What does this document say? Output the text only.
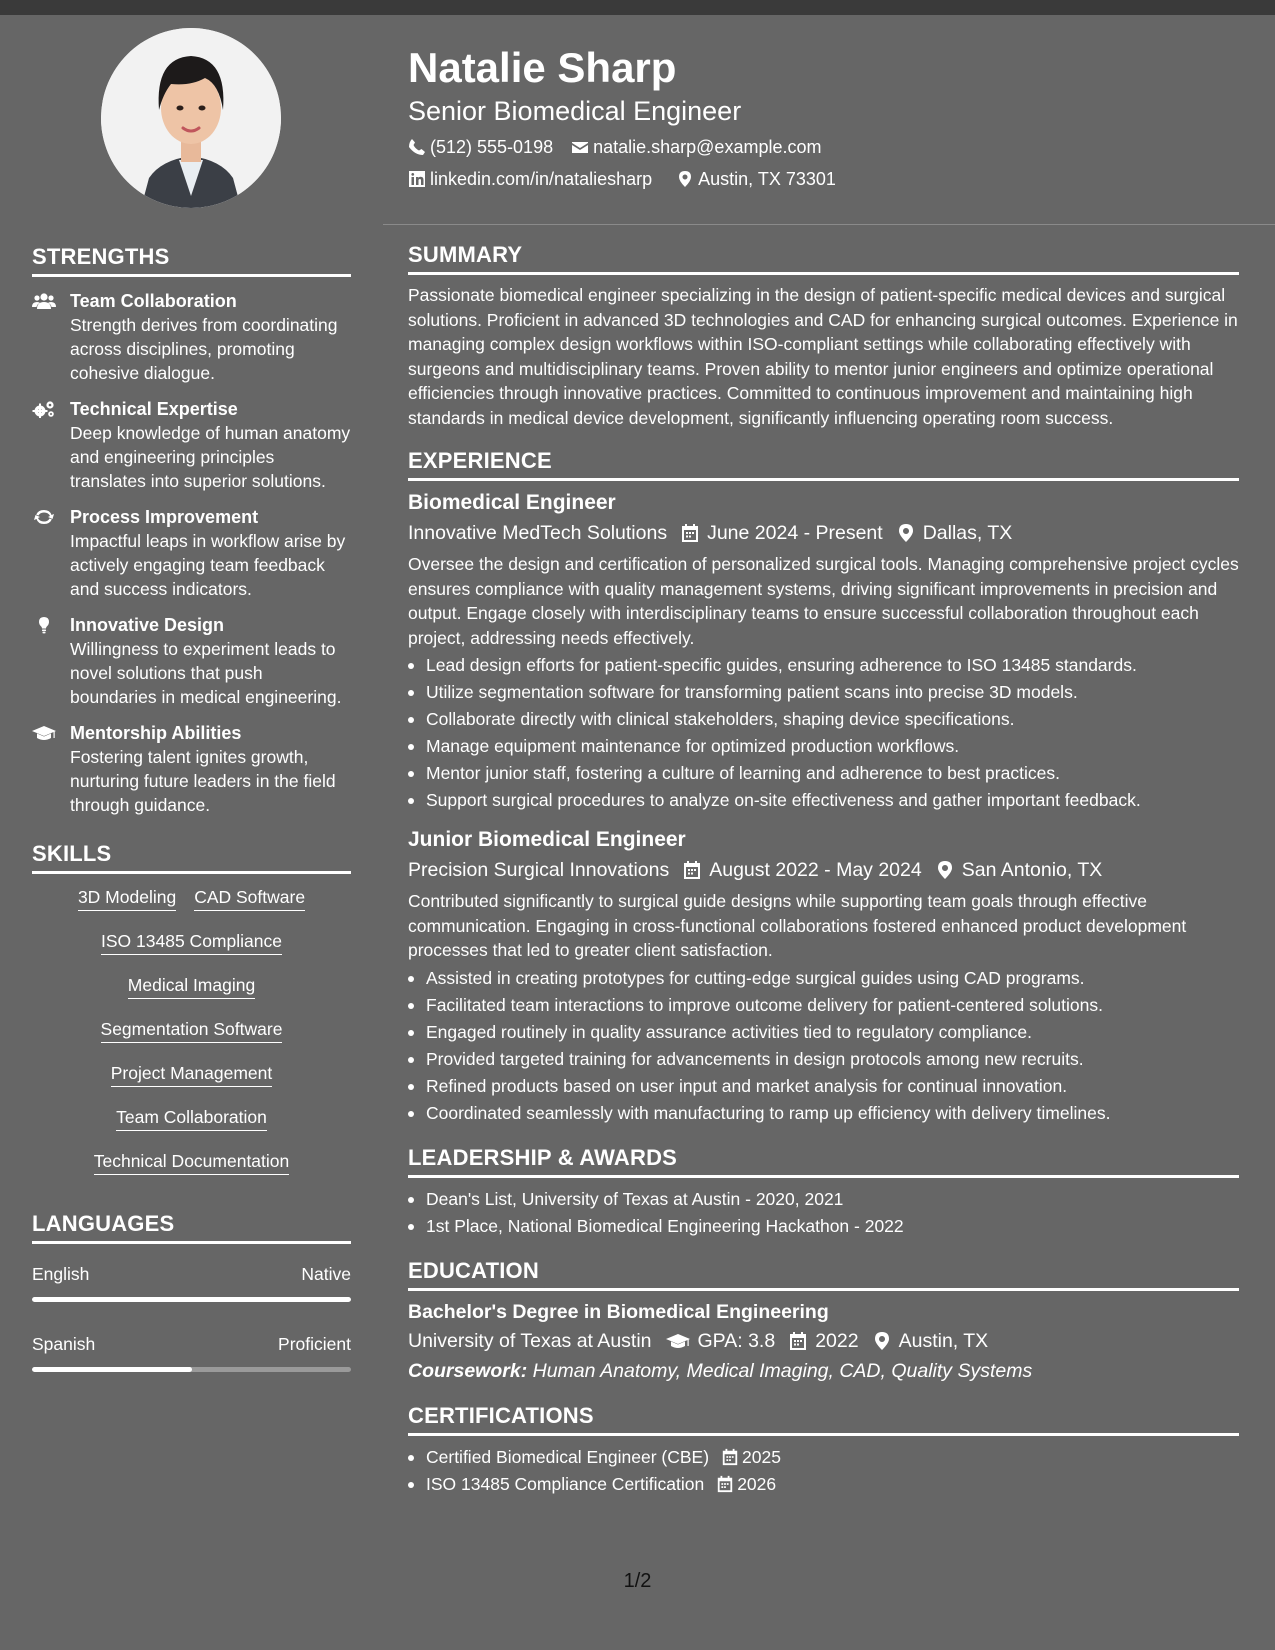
STRENGTHS
Team Collaboration
Strength derives from coordinating across disciplines, promoting cohesive dialogue.
Technical Expertise
Deep knowledge of human anatomy and engineering principles translates into superior solutions.
Process Improvement
Impactful leaps in workflow arise by actively engaging team feedback and success indicators.
Innovative Design
Willingness to experiment leads to novel solutions that push boundaries in medical engineering.
Mentorship Abilities
Fostering talent ignites growth, nurturing future leaders in the field through guidance.
SKILLS
3D Modeling CAD Software
ISO 13485 Compliance
Medical Imaging
Segmentation Software
Project Management
Team Collaboration
Technical Documentation
LANGUAGES
English	Native
Spanish	Proficient
Natalie Sharp
Senior Biomedical Engineer
(512) 555-0198 natalie.sharp@example.com
linkedin.com/in/nataliesharp	Austin, TX 73301
SUMMARY
Passionate biomedical engineer specializing in the design of patient-specific medical devices and surgical solutions. Proficient in advanced 3D technologies and CAD for enhancing surgical outcomes. Experience in managing complex design workflows within ISO-compliant settings while collaborating effectively with surgeons and multidisciplinary teams. Proven ability to mentor junior engineers and optimize operational efficiencies through innovative practices. Committed to continuous improvement and maintaining high standards in medical device development, significantly influencing operating room success.
EXPERIENCE
Biomedical Engineer
Innovative MedTech Solutions June 2024 - Present Dallas, TX
Oversee the design and certification of personalized surgical tools. Managing comprehensive project cycles ensures compliance with quality management systems, driving significant improvements in precision and output. Engage closely with interdisciplinary teams to ensure successful collaboration throughout each project, addressing needs effectively.
Lead design efforts for patient-specific guides, ensuring adherence to ISO 13485 standards.
Utilize segmentation software for transforming patient scans into precise 3D models.
Collaborate directly with clinical stakeholders, shaping device specifications.
Manage equipment maintenance for optimized production workflows.
Mentor junior staff, fostering a culture of learning and adherence to best practices.
Support surgical procedures to analyze on-site effectiveness and gather important feedback.
Junior Biomedical Engineer
Precision Surgical Innovations August 2022 - May 2024 San Antonio, TX
Contributed significantly to surgical guide designs while supporting team goals through effective communication. Engaging in cross-functional collaborations fostered enhanced product development processes that led to greater client satisfaction.
Assisted in creating prototypes for cutting-edge surgical guides using CAD programs.
Facilitated team interactions to improve outcome delivery for patient-centered solutions.
Engaged routinely in quality assurance activities tied to regulatory compliance.
Provided targeted training for advancements in design protocols among new recruits.
Refined products based on user input and market analysis for continual innovation.
Coordinated seamlessly with manufacturing to ramp up efficiency with delivery timelines.
LEADERSHIP & AWARDS
Dean's List, University of Texas at Austin - 2020, 2021
1st Place, National Biomedical Engineering Hackathon - 2022
EDUCATION
Bachelor's Degree in Biomedical Engineering
University of Texas at Austin GPA: 3.8 2022 Austin, TX
Coursework: Human Anatomy, Medical Imaging, CAD, Quality Systems
CERTIFICATIONS
Certified Biomedical Engineer (CBE) 2025
ISO 13485 Compliance Certification 2026
1/2
